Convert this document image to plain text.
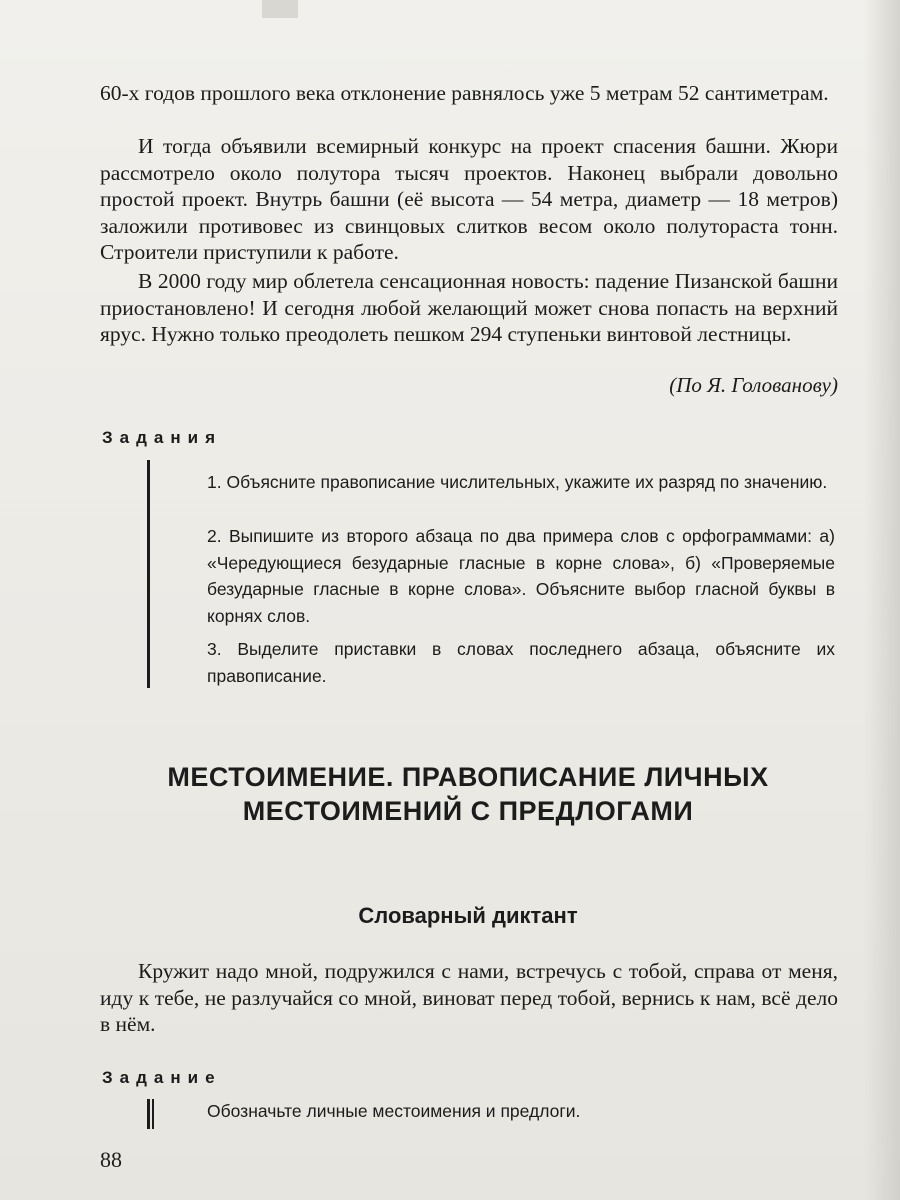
60-х годов прошлого века отклонение равнялось уже 5 метрам 52 сантиметрам.
И тогда объявили всемирный конкурс на проект спасения башни. Жюри рассмотрело около полутора тысяч проектов. Наконец выбрали довольно простой проект. Внутрь башни (её высота — 54 метра, диаметр — 18 метров) заложили противовес из свинцовых слитков весом около полутораста тонн. Строители приступили к работе.
В 2000 году мир облетела сенсационная новость: падение Пизанской башни приостановлено! И сегодня любой желающий может снова попасть на верхний ярус. Нужно только преодолеть пешком 294 ступеньки винтовой лестницы.
(По Я. Голованову)
Задания
1. Объясните правописание числительных, укажите их разряд по значению.
2. Выпишите из второго абзаца по два примера слов с орфограммами: а) «Чередующиеся безударные гласные в корне слова», б) «Проверяемые безударные гласные в корне слова». Объясните выбор гласной буквы в корнях слов.
3. Выделите приставки в словах последнего абзаца, объясните их правописание.
МЕСТОИМЕНИЕ. ПРАВОПИСАНИЕ ЛИЧНЫХ
МЕСТОИМЕНИЙ С ПРЕДЛОГАМИ
Словарный диктант
Кружит надо мной, подружился с нами, встречусь с тобой, справа от меня, иду к тебе, не разлучайся со мной, виноват перед тобой, вернись к нам, всё дело в нём.
Задание
Обозначьте личные местоимения и предлоги.
88
